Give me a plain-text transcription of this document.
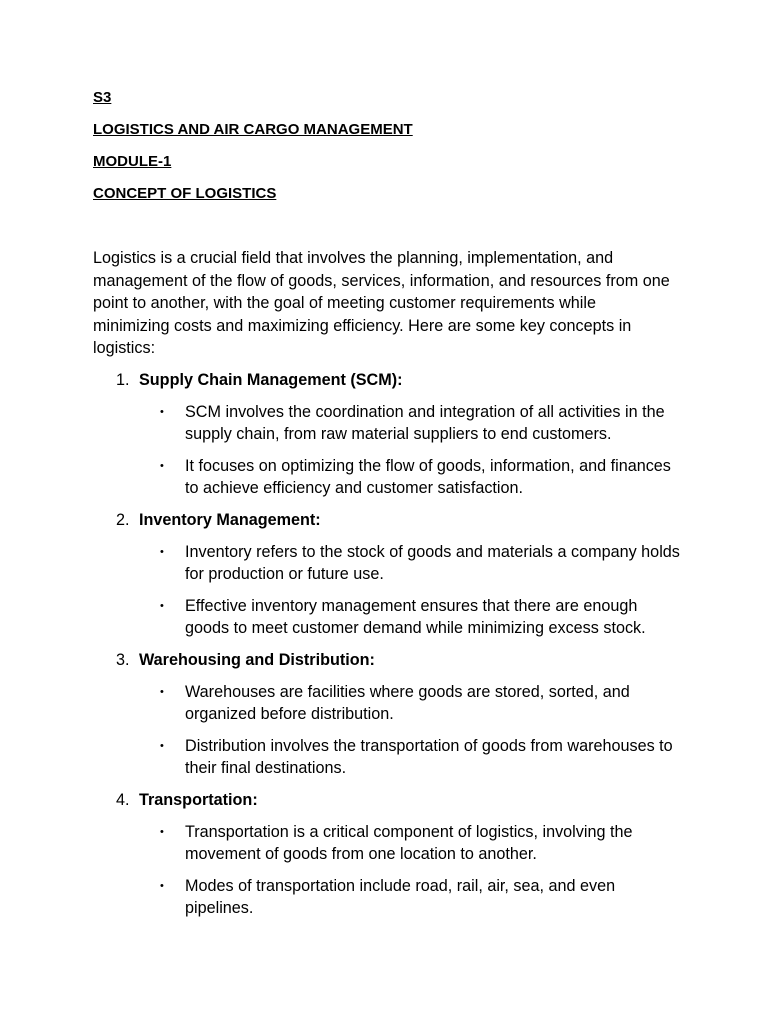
S3

LOGISTICS AND AIR CARGO MANAGEMENT

MODULE-1

CONCEPT OF LOGISTICS

Logistics is a crucial field that involves the planning, implementation, and management of the flow of goods, services, information, and resources from one point to another, with the goal of meeting customer requirements while minimizing costs and maximizing efficiency. Here are some key concepts in logistics:

1. Supply Chain Management (SCM):
• SCM involves the coordination and integration of all activities in the supply chain, from raw material suppliers to end customers.
• It focuses on optimizing the flow of goods, information, and finances to achieve efficiency and customer satisfaction.
2. Inventory Management:
• Inventory refers to the stock of goods and materials a company holds for production or future use.
• Effective inventory management ensures that there are enough goods to meet customer demand while minimizing excess stock.
3. Warehousing and Distribution:
• Warehouses are facilities where goods are stored, sorted, and organized before distribution.
• Distribution involves the transportation of goods from warehouses to their final destinations.
4. Transportation:
• Transportation is a critical component of logistics, involving the movement of goods from one location to another.
• Modes of transportation include road, rail, air, sea, and even pipelines.
